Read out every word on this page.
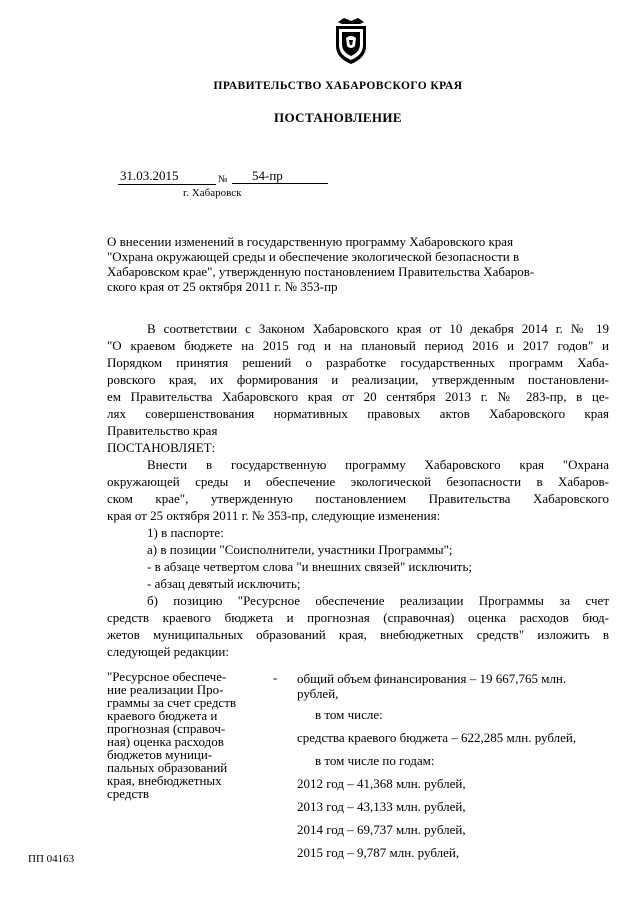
ПРАВИТЕЛЬСТВО ХАБАРОВСКОГО КРАЯ
ПОСТАНОВЛЕНИЕ
31.03.2015	№	54-пр
г. Хабаровск

О внесении изменений в государственную программу Хабаровского края

"Охрана окружающей среды и обеспечение экологической безопасности в

Хабаровском крае", утвержденную постановлением Правительства Хабаров-

ского края от 25 октября 2011 г. № 353-пр

В соответствии с Законом Хабаровского края от 10 декабря 2014 г. № 19

"О краевом бюджете на 2015 год и на плановый период 2016 и 2017 годов" и

Порядком принятия решений о разработке государственных программ Хаба-

ровского края, их формирования и реализации, утвержденным постановлени-

ем Правительства Хабаровского края от 20 сентября 2013 г. № 283-пр, в це-

лях совершенствования нормативных правовых актов Хабаровского края

Правительство края

ПОСТАНОВЛЯЕТ:

Внести в государственную программу Хабаровского края "Охрана

окружающей среды и обеспечение экологической безопасности в Хабаров-

ском крае", утвержденную постановлением Правительства Хабаровского

края от 25 октября 2011 г. № 353-пр, следующие изменения:

1) в паспорте:

а) в позиции "Соисполнители, участники Программы";

- в абзаце четвертом слова "и внешних связей" исключить;

- абзац девятый исключить;

б) позицию "Ресурсное обеспечение реализации Программы за счет

средств краевого бюджета и прогнозная (справочная) оценка расходов бюд-

жетов муниципальных образований края, внебюджетных средств" изложить в

следующей редакции:

"Ресурсное обеспече-

ние реализации Про-

граммы за счет средств

краевого бюджета и

прогнозная (справоч-

ная) оценка расходов

бюджетов муници-

пальных образований

края, внебюджетных

средств

- общий объем финансирования – 19 667,765 млн.

рублей,

в том числе:

средства краевого бюджета – 622,285 млн. рублей,

в том числе по годам:

2012 год – 41,368 млн. рублей,

2013 год – 43,133 млн. рублей,

2014 год – 69,737 млн. рублей,

2015 год – 9,787 млн. рублей,

ПП 04163
